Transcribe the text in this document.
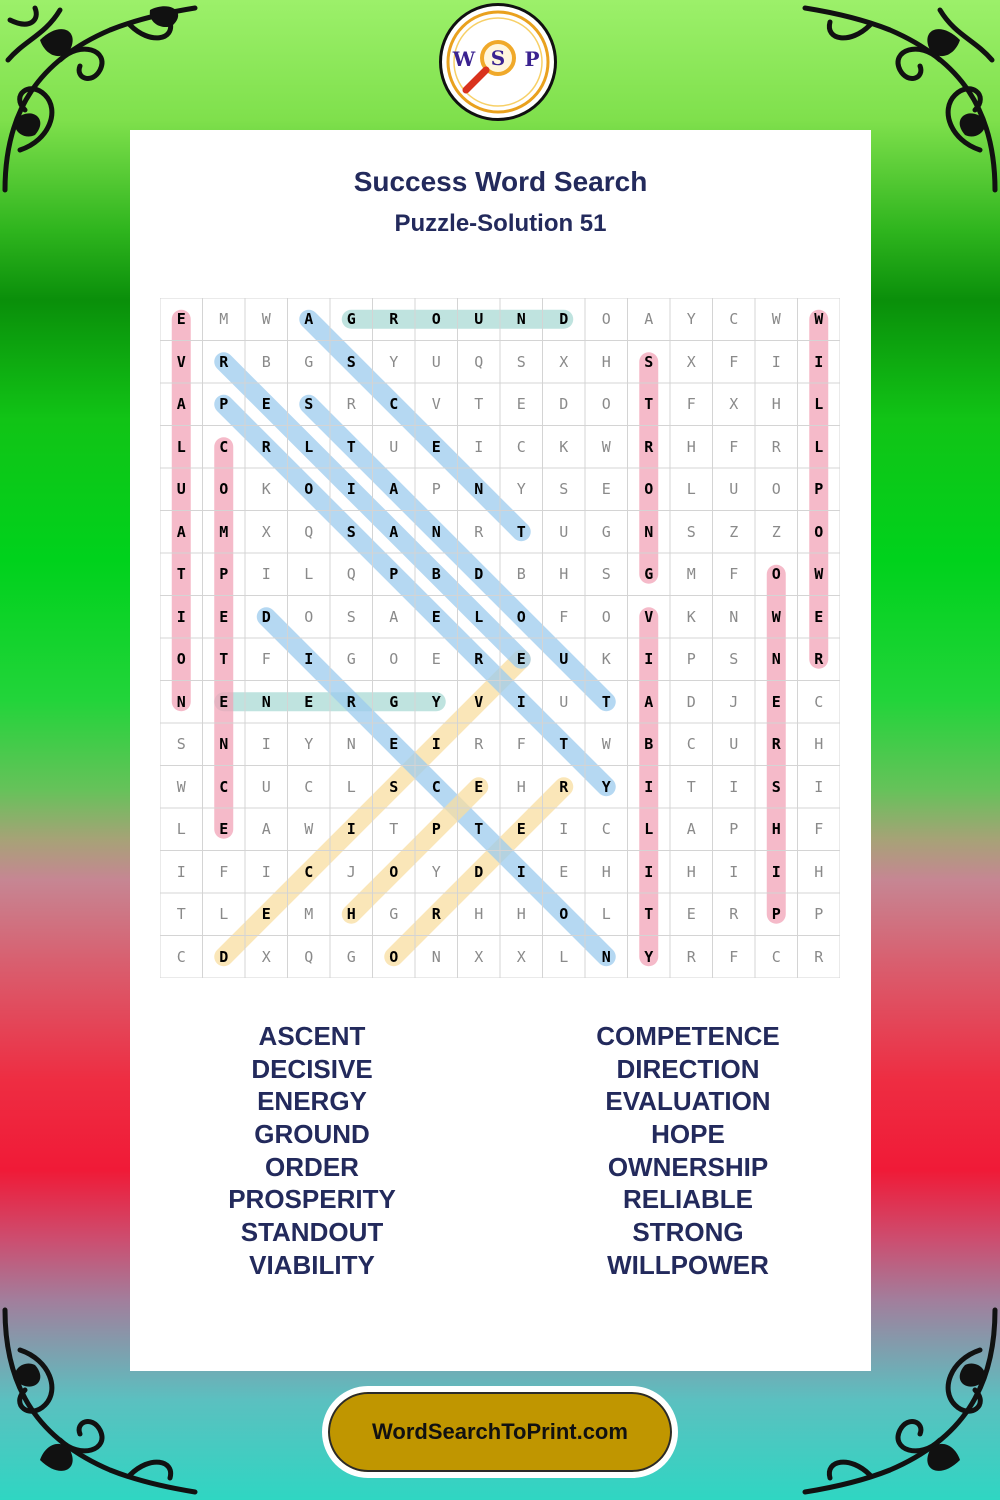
W S P
Success Word Search
Puzzle-Solution 51
E	M	W	A	G	R	O	U	N	D	O	A	Y	C	W	W
V	R	B	G	S	Y	U	Q	S	X	H	S	X	F	I	I
A	P	E	S	R	C	V	T	E	D	O	T	F	X	H	L
L	C	R	L	T	U	E	I	C	K	W	R	H	F	R	L
U	O	K	O	I	A	P	N	Y	S	E	O	L	U	O	P
A	M	X	Q	S	A	N	R	T	U	G	N	S	Z	Z	O
T	P	I	L	Q	P	B	D	B	H	S	G	M	F	O	W
I	E	D	O	S	A	E	L	O	F	O	V	K	N	W	E
O	T	F	I	G	O	E	R	E	U	K	I	P	S	N	R
N	E	N	E	R	G	Y	V	I	U	T	A	D	J	E	C
S	N	I	Y	N	E	I	R	F	T	W	B	C	U	R	H
W	C	U	C	L	S	C	E	H	R	Y	I	T	I	S	I
L	E	A	W	I	T	P	T	E	I	C	L	A	P	H	F
I	F	I	C	J	O	Y	D	I	E	H	I	H	I	I	H
T	L	E	M	H	G	R	H	H	O	L	T	E	R	P	P
C	D	X	Q	G	O	N	X	X	L	N	Y	R	F	C	R
ASCENT
DECISIVE
ENERGY
GROUND
ORDER
PROSPERITY
STANDOUT
VIABILITY
COMPETENCE
DIRECTION
EVALUATION
HOPE
OWNERSHIP
RELIABLE
STRONG
WILLPOWER
WordSearchToPrint.com
